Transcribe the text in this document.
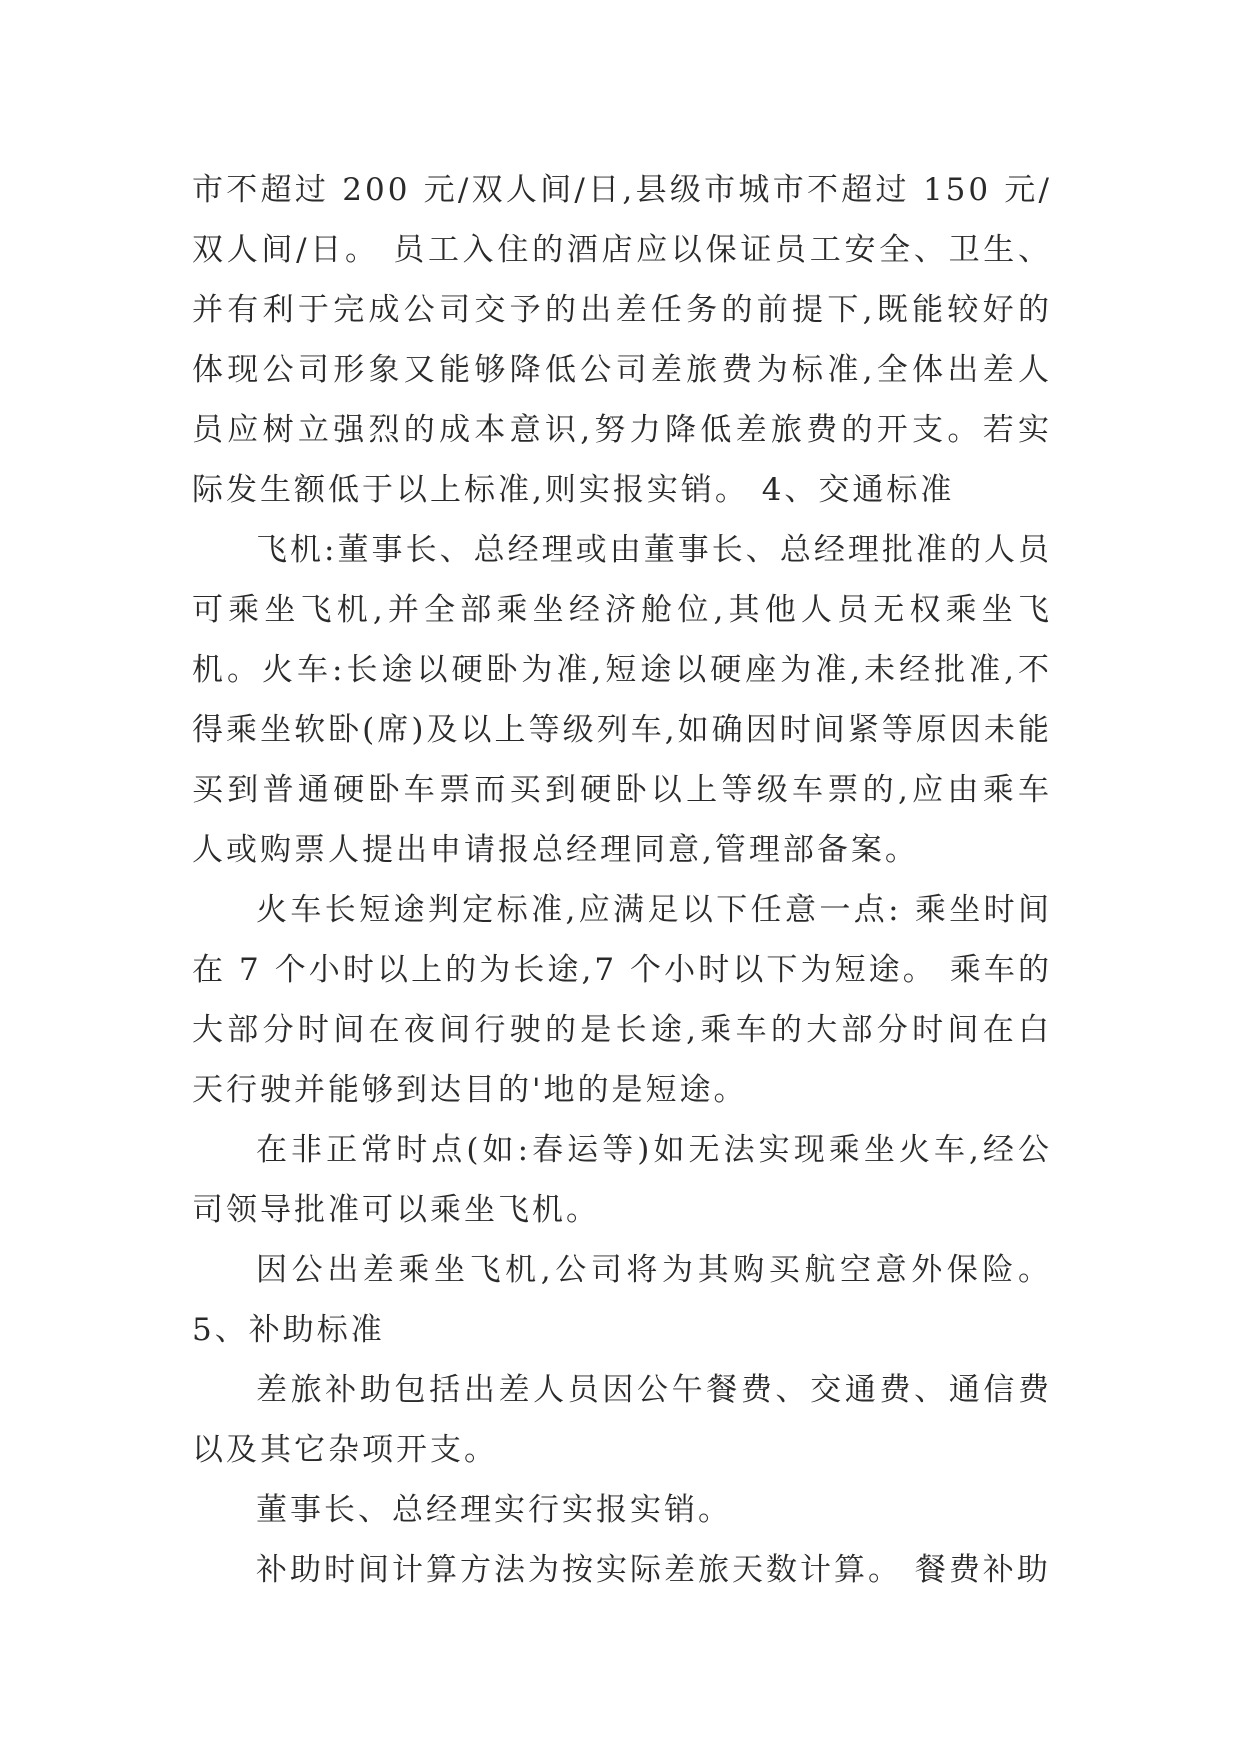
市不超过 200 元/双人间/日,县级市城市不超过 150 元/双人间/日。 员工入住的酒店应以保证员工安全、卫生、并有利于完成公司交予的出差任务的前提下,既能较好的体现公司形象又能够降低公司差旅费为标准,全体出差人员应树立强烈的成本意识,努力降低差旅费的开支。若实际发生额低于以上标准,则实报实销。 4、交通标准

飞机:董事长、总经理或由董事长、总经理批准的人员可乘坐飞机,并全部乘坐经济舱位,其他人员无权乘坐飞机。火车:长途以硬卧为准,短途以硬座为准,未经批准,不得乘坐软卧(席)及以上等级列车,如确因时间紧等原因未能买到普通硬卧车票而买到硬卧以上等级车票的,应由乘车人或购票人提出申请报总经理同意,管理部备案。

火车长短途判定标准,应满足以下任意一点: 乘坐时间在 7 个小时以上的为长途,7 个小时以下为短途。 乘车的大部分时间在夜间行驶的是长途,乘车的大部分时间在白天行驶并能够到达目的'地的是短途。

在非正常时点(如:春运等)如无法实现乘坐火车,经公司领导批准可以乘坐飞机。

因公出差乘坐飞机,公司将为其购买航空意外保险。 5、补助标准

差旅补助包括出差人员因公午餐费、交通费、通信费以及其它杂项开支。

董事长、总经理实行实报实销。

补助时间计算方法为按实际差旅天数计算。 餐费补助
